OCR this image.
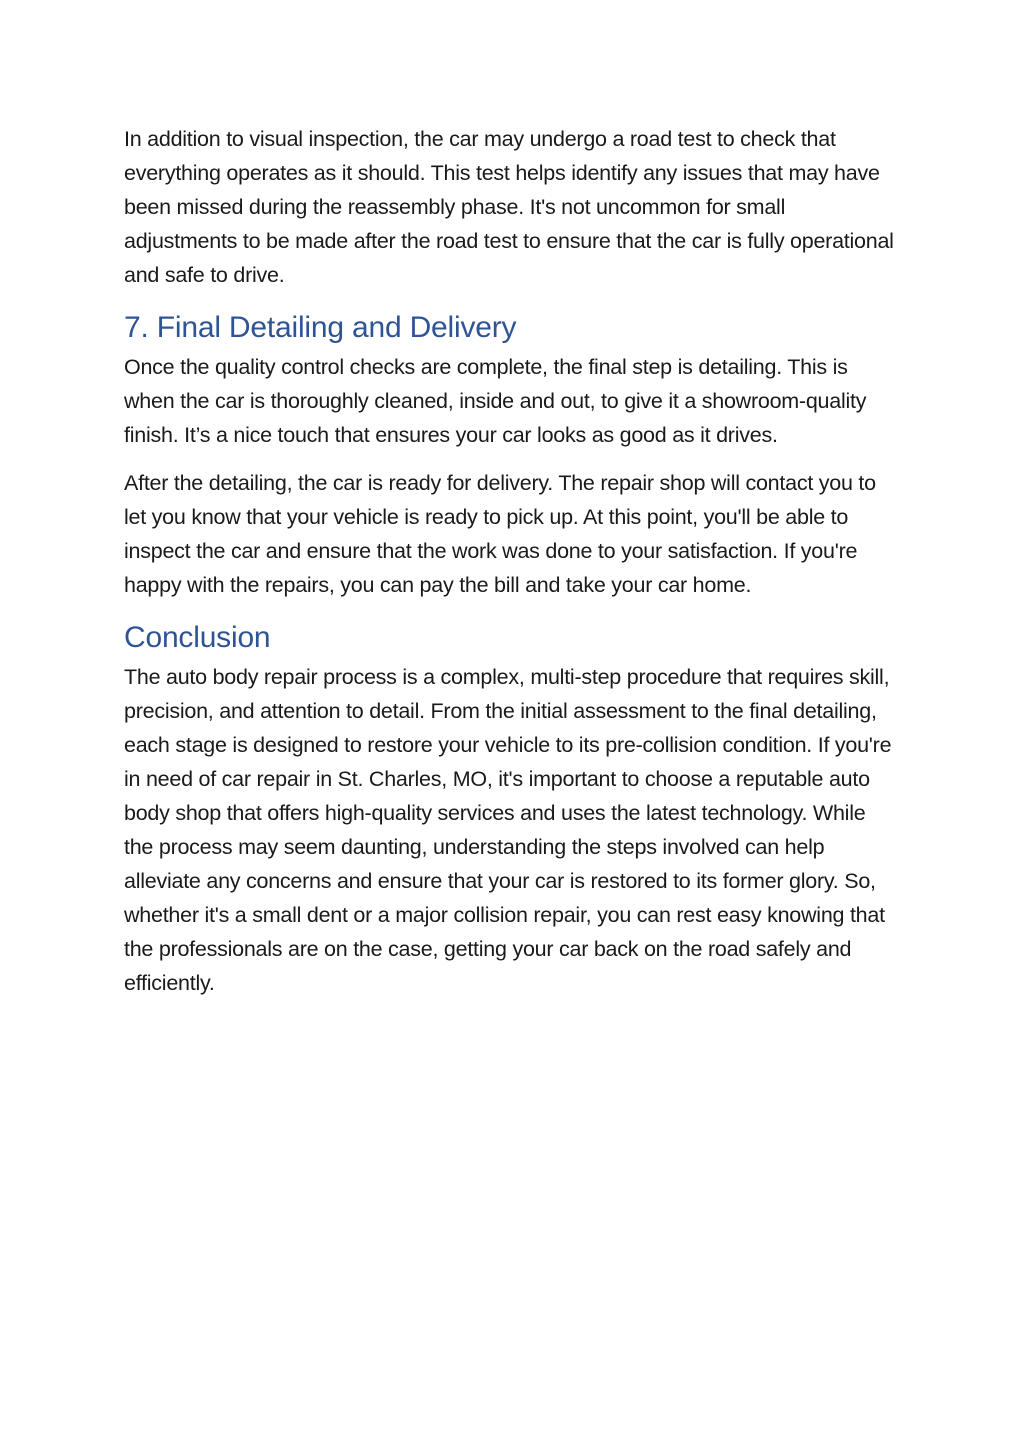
In addition to visual inspection, the car may undergo a road test to check that everything operates as it should. This test helps identify any issues that may have been missed during the reassembly phase. It's not uncommon for small adjustments to be made after the road test to ensure that the car is fully operational and safe to drive.

7. Final Detailing and Delivery

Once the quality control checks are complete, the final step is detailing. This is when the car is thoroughly cleaned, inside and out, to give it a showroom-quality finish. It’s a nice touch that ensures your car looks as good as it drives.

After the detailing, the car is ready for delivery. The repair shop will contact you to let you know that your vehicle is ready to pick up. At this point, you'll be able to inspect the car and ensure that the work was done to your satisfaction. If you're happy with the repairs, you can pay the bill and take your car home.

Conclusion

The auto body repair process is a complex, multi-step procedure that requires skill, precision, and attention to detail. From the initial assessment to the final detailing, each stage is designed to restore your vehicle to its pre-collision condition. If you're in need of car repair in St. Charles, MO, it's important to choose a reputable auto body shop that offers high-quality services and uses the latest technology. While the process may seem daunting, understanding the steps involved can help alleviate any concerns and ensure that your car is restored to its former glory. So, whether it's a small dent or a major collision repair, you can rest easy knowing that the professionals are on the case, getting your car back on the road safely and efficiently.
